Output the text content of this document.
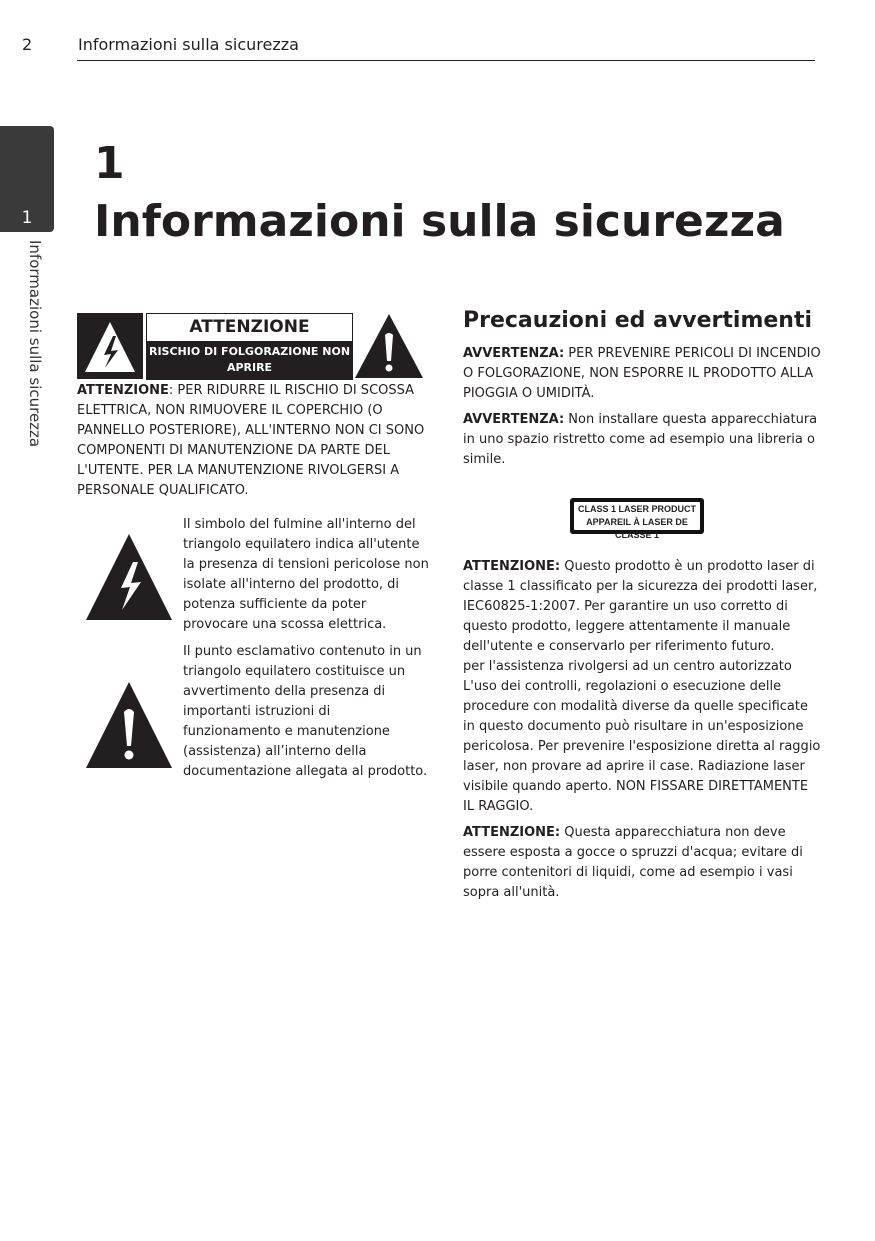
2	Informazioni sulla sicurezza
1
Informazioni sulla sicurezza
1
Informazioni sulla sicurezza
ATTENZIONE
RISCHIO DI FOLGORAZIONE NON APRIRE
ATTENZIONE: PER RIDURRE IL RISCHIO DI SCOSSA ELETTRICA, NON RIMUOVERE IL COPERCHIO (O PANNELLO POSTERIORE), ALL'INTERNO NON CI SONO COMPONENTI DI MANUTENZIONE DA PARTE DEL L'UTENTE. PER LA MANUTENZIONE RIVOLGERSI A PERSONALE QUALIFICATO.
Il simbolo del fulmine all'interno del triangolo equilatero indica all'utente la presenza di tensioni pericolose non isolate all'interno del prodotto, di potenza sufficiente da poter provocare una scossa elettrica.
Il punto esclamativo contenuto in un triangolo equilatero costituisce un avvertimento della presenza di importanti istruzioni di funzionamento e manutenzione (assistenza) all’interno della documentazione allegata al prodotto.
Precauzioni ed avvertimenti
AVVERTENZA: PER PREVENIRE PERICOLI DI INCENDIO O FOLGORAZIONE, NON ESPORRE IL PRODOTTO ALLA PIOGGIA O UMIDITÀ.
AVVERTENZA: Non installare questa apparecchiatura in uno spazio ristretto come ad esempio una libreria o simile.
CLASS 1 LASER PRODUCT
APPAREIL À LASER DE CLASSE 1
ATTENZIONE: Questo prodotto è un prodotto laser di classe 1 classificato per la sicurezza dei prodotti laser, IEC60825-1:2007. Per garantire un uso corretto di questo prodotto, leggere attentamente il manuale dell'utente e conservarlo per riferimento futuro.
per l'assistenza rivolgersi ad un centro autorizzato L'uso dei controlli, regolazioni o esecuzione delle procedure con modalità diverse da quelle specificate in questo documento può risultare in un'esposizione pericolosa. Per prevenire l'esposizione diretta al raggio laser, non provare ad aprire il case. Radiazione laser visibile quando aperto. NON FISSARE DIRETTAMENTE IL RAGGIO.
ATTENZIONE: Questa apparecchiatura non deve essere esposta a gocce o spruzzi d'acqua; evitare di porre contenitori di liquidi, come ad esempio i vasi sopra all'unità.
